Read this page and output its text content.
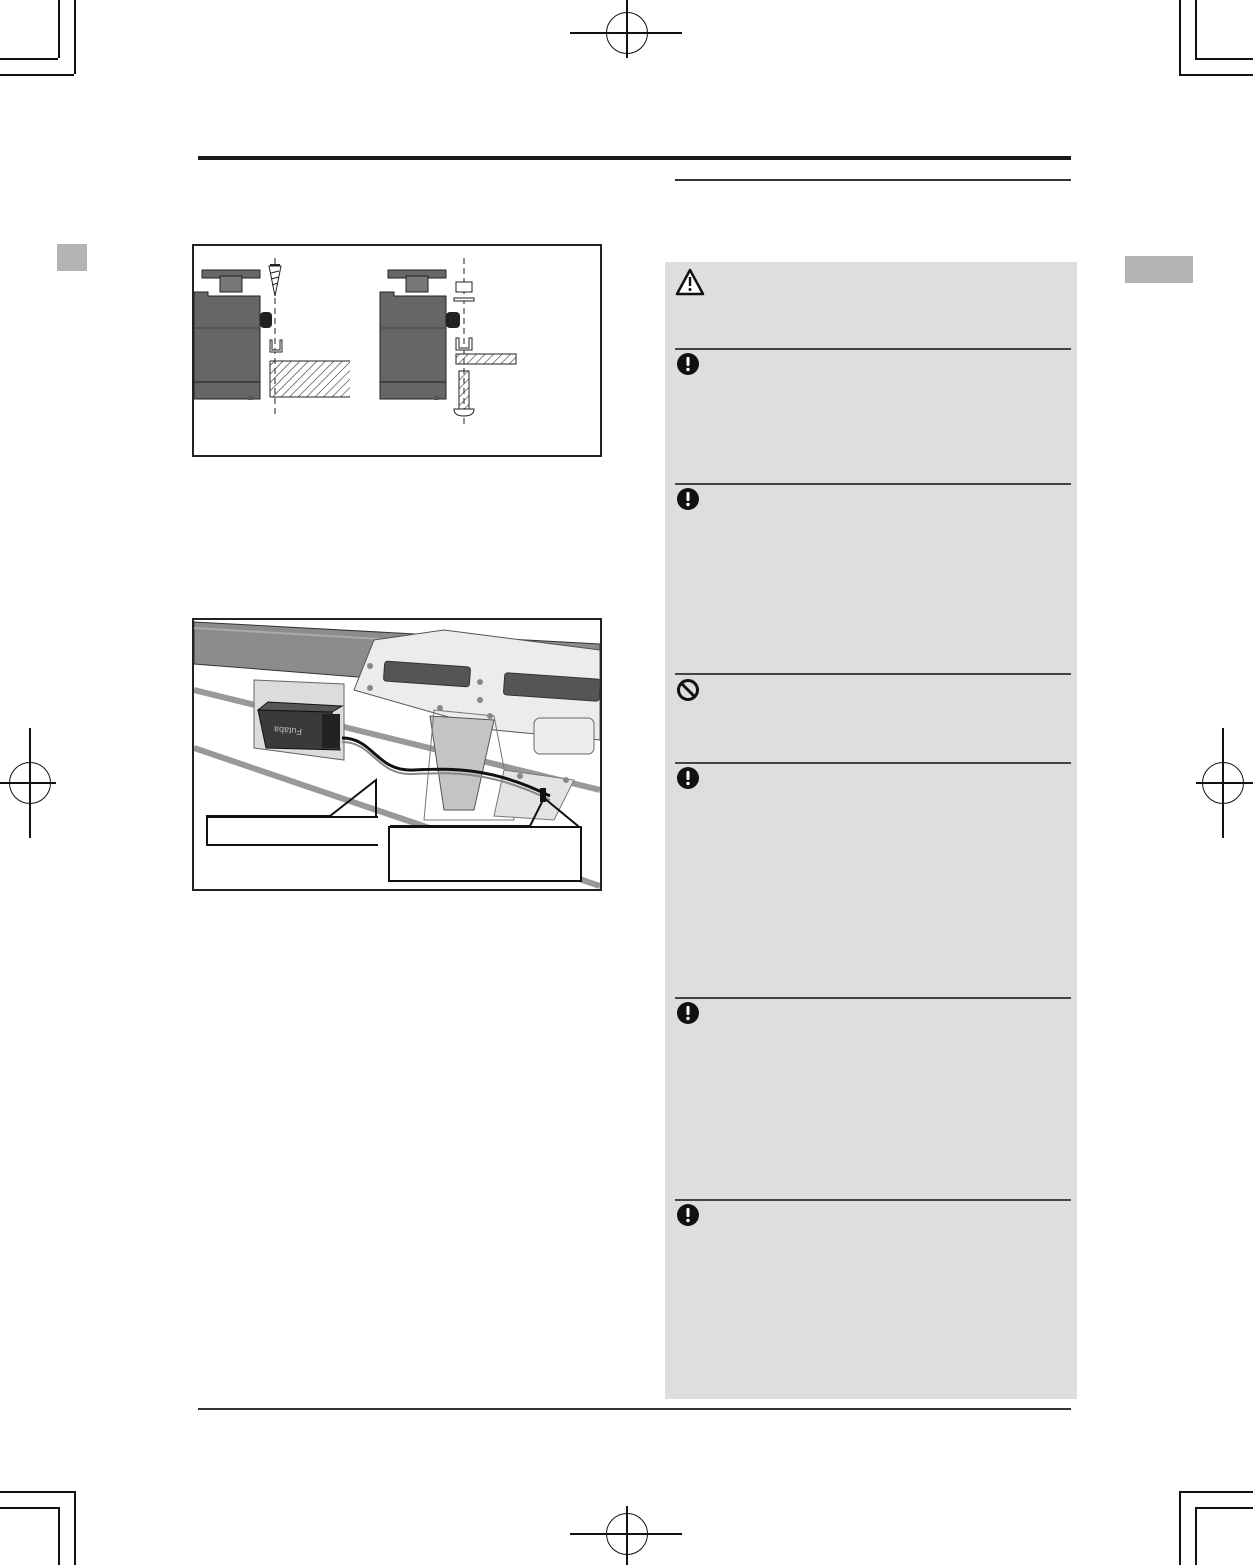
Futaba
